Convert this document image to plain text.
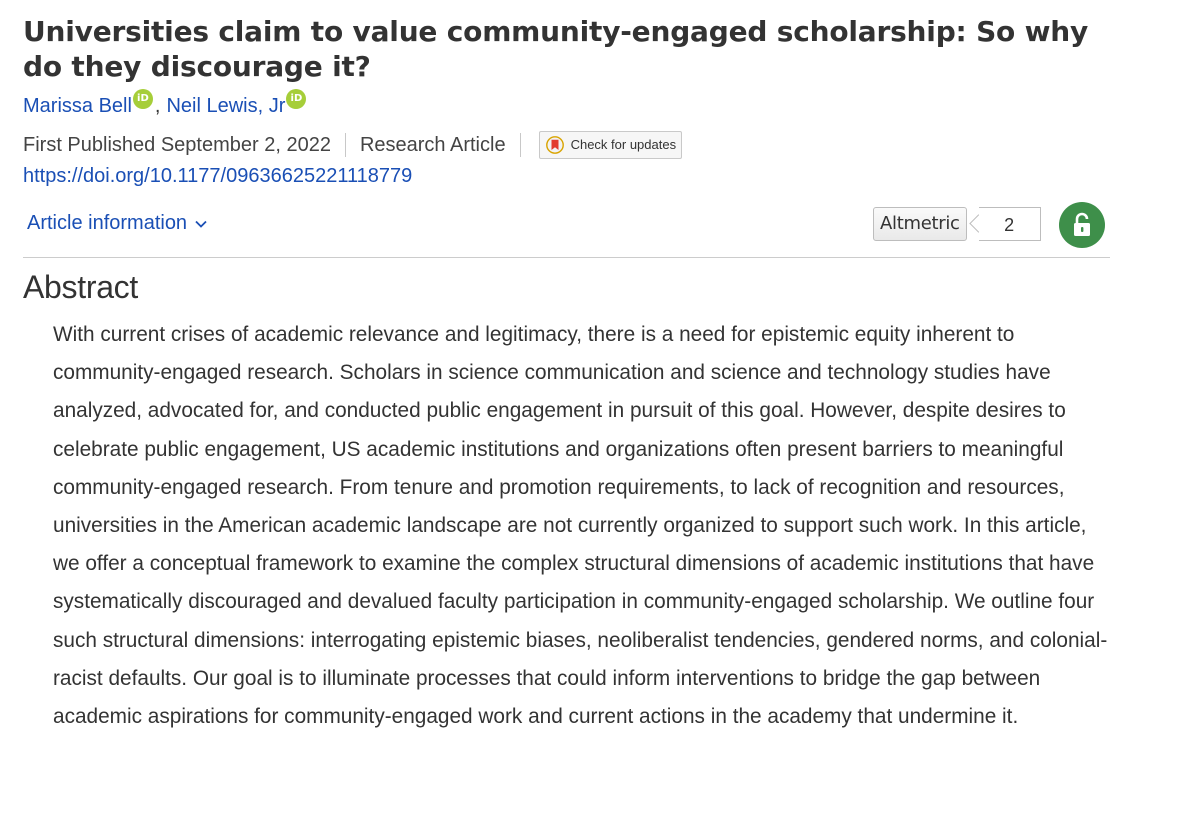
Universities claim to value community-engaged scholarship: So why do they discourage it?
Marissa Bell iD , Neil Lewis, Jr iD
First Published September 2, 2022 Research Article	Check for updates
https://doi.org/10.1177/09636625221118779
Article information	Altmetric	2
Abstract

With current crises of academic relevance and legitimacy, there is a need for epistemic equity inherent to community-engaged research. Scholars in science communication and science and technology studies have analyzed, advocated for, and conducted public engagement in pursuit of this goal. However, despite desires to celebrate public engagement, US academic institutions and organizations often present barriers to meaningful community-engaged research. From tenure and promotion requirements, to lack of recognition and resources, universities in the American academic landscape are not currently organized to support such work. In this article, we offer a conceptual framework to examine the complex structural dimensions of academic institutions that have systematically discouraged and devalued faculty participation in community-engaged scholarship. We outline four such structural dimensions: interrogating epistemic biases, neoliberalist tendencies, gendered norms, and colonial-racist defaults. Our goal is to illuminate processes that could inform interventions to bridge the gap between academic aspirations for community-engaged work and current actions in the academy that undermine it.
